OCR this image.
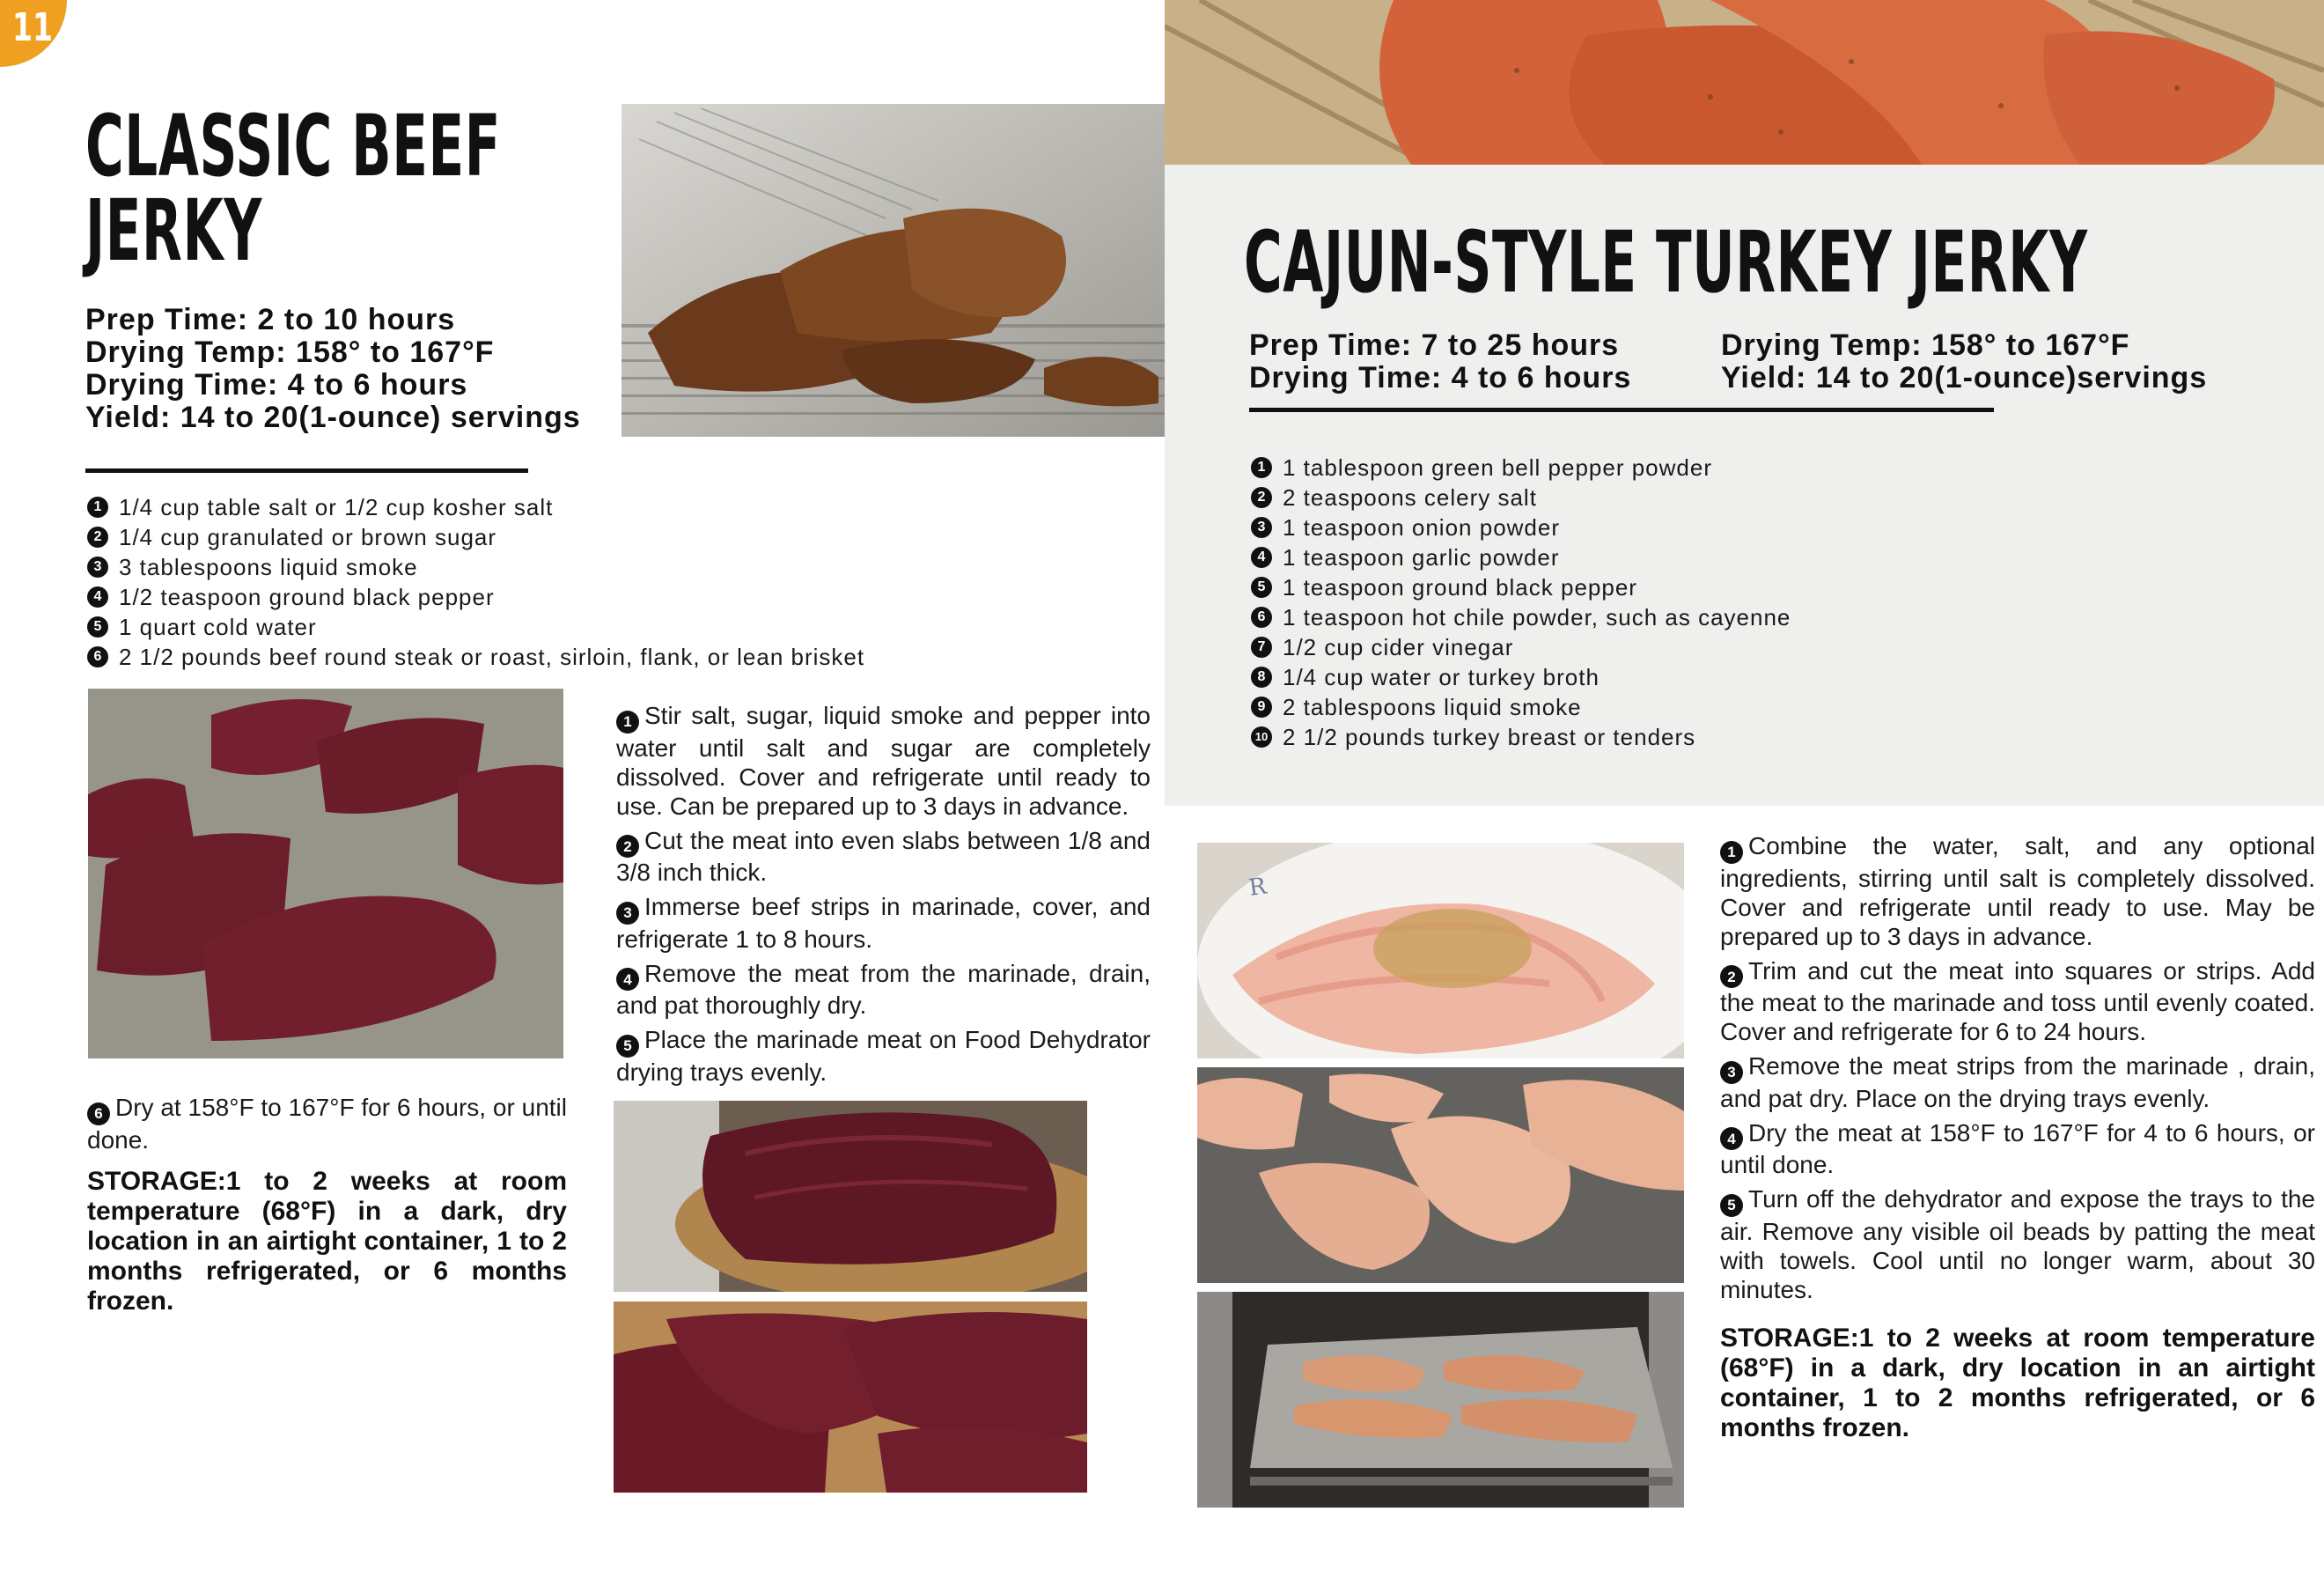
11
CLASSIC BEEF
JERKY
Prep Time: 2 to 10 hours
Drying Temp: 158° to 167°F
Drying Time: 4 to 6 hours
Yield: 14 to 20(1-ounce) servings
1 1/4 cup table salt or 1/2 cup kosher salt
2 1/4 cup granulated or brown sugar
3 3 tablespoons liquid smoke
4 1/2 teaspoon ground black pepper
5 1 quart cold water
6 2 1/2 pounds beef round steak or roast, sirloin, flank, or lean brisket

1 Stir salt, sugar, liquid smoke and pepper into water until salt and sugar are completely dissolved. Cover and refrigerate until ready to use. Can be prepared up to 3 days in advance.

2 Cut the meat into even slabs between 1/8 and 3/8 inch thick.

3 Immerse beef strips in marinade, cover, and refrigerate 1 to 8 hours.

4 Remove the meat from the marinade, drain, and pat thoroughly dry.

5 Place the marinade meat on Food Dehydrator drying trays evenly.

6 Dry at 158°F to 167°F for 6 hours, or until done.

STORAGE:1 to 2 weeks at room temperature (68°F) in a dark, dry location in an airtight container, 1 to 2 months refrigerated, or 6 months frozen.
CAJUN-STYLE TURKEY JERKY
Prep Time: 7 to 25 hours
Drying Time: 4 to 6 hours
Drying Temp: 158° to 167°F
Yield: 14 to 20(1-ounce)servings
1 1 tablespoon green bell pepper powder
2 2 teaspoons celery salt
3 1 teaspoon onion powder
4 1 teaspoon garlic powder
5 1 teaspoon ground black pepper
6 1 teaspoon hot chile powder, such as cayenne
7 1/2 cup cider vinegar
8 1/4 cup water or turkey broth
9 2 tablespoons liquid smoke
10 2 1/2 pounds turkey breast or tenders
R

1 Combine the water, salt, and any optional ingredients, stirring until salt is completely dissolved. Cover and refrigerate until ready to use. May be prepared up to 3 days in advance.

2 Trim and cut the meat into squares or strips. Add the meat to the marinade and toss until evenly coated. Cover and refrigerate for 6 to 24 hours.

3 Remove the meat strips from the marinade , drain, and pat dry. Place on the drying trays evenly.

4 Dry the meat at 158°F to 167°F for 4 to 6 hours, or until done.

5 Turn off the dehydrator and expose the trays to the air. Remove any visible oil beads by patting the meat with towels. Cool until no longer warm, about 30 minutes.

STORAGE:1 to 2 weeks at room temperature (68°F) in a dark, dry location in an airtight container, 1 to 2 months refrigerated, or 6 months frozen.
